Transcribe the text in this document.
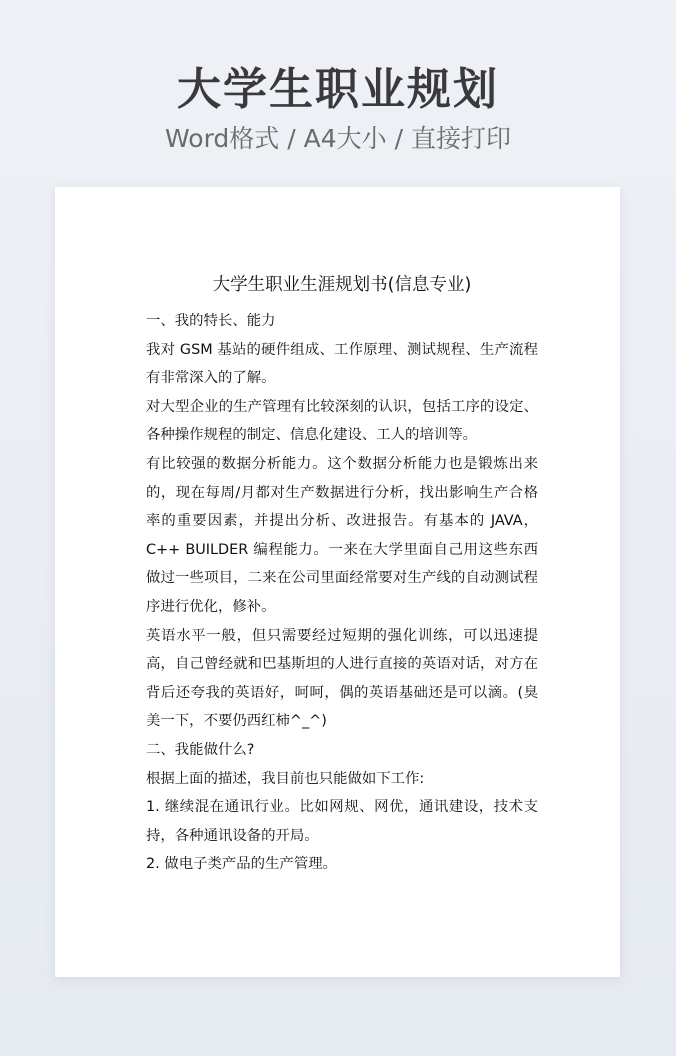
大学生职业规划
Word格式 / A4大小 / 直接打印
大学生职业生涯规划书(信息专业)

一、我的特长、能力

我对 GSM 基站的硬件组成、工作原理、测试规程、生产流程有非常深入的了解。

对大型企业的生产管理有比较深刻的认识，包括工序的设定、各种操作规程的制定、信息化建设、工人的培训等。

有比较强的数据分析能力。这个数据分析能力也是锻炼出来的，现在每周/月都对生产数据进行分析，找出影响生产合格率的重要因素，并提出分析、改进报告。有基本的 JAVA，C++ BUILDER 编程能力。一来在大学里面自己用这些东西做过一些项目，二来在公司里面经常要对生产线的自动测试程序进行优化，修补。

英语水平一般，但只需要经过短期的强化训练，可以迅速提高，自己曾经就和巴基斯坦的人进行直接的英语对话，对方在背后还夸我的英语好，呵呵，偶的英语基础还是可以滴。(臭美一下，不要仍西红柿^_^)

二、我能做什么?

根据上面的描述，我目前也只能做如下工作:

1. 继续混在通讯行业。比如网规、网优，通讯建设，技术支持，各种通讯设备的开局。

2. 做电子类产品的生产管理。
